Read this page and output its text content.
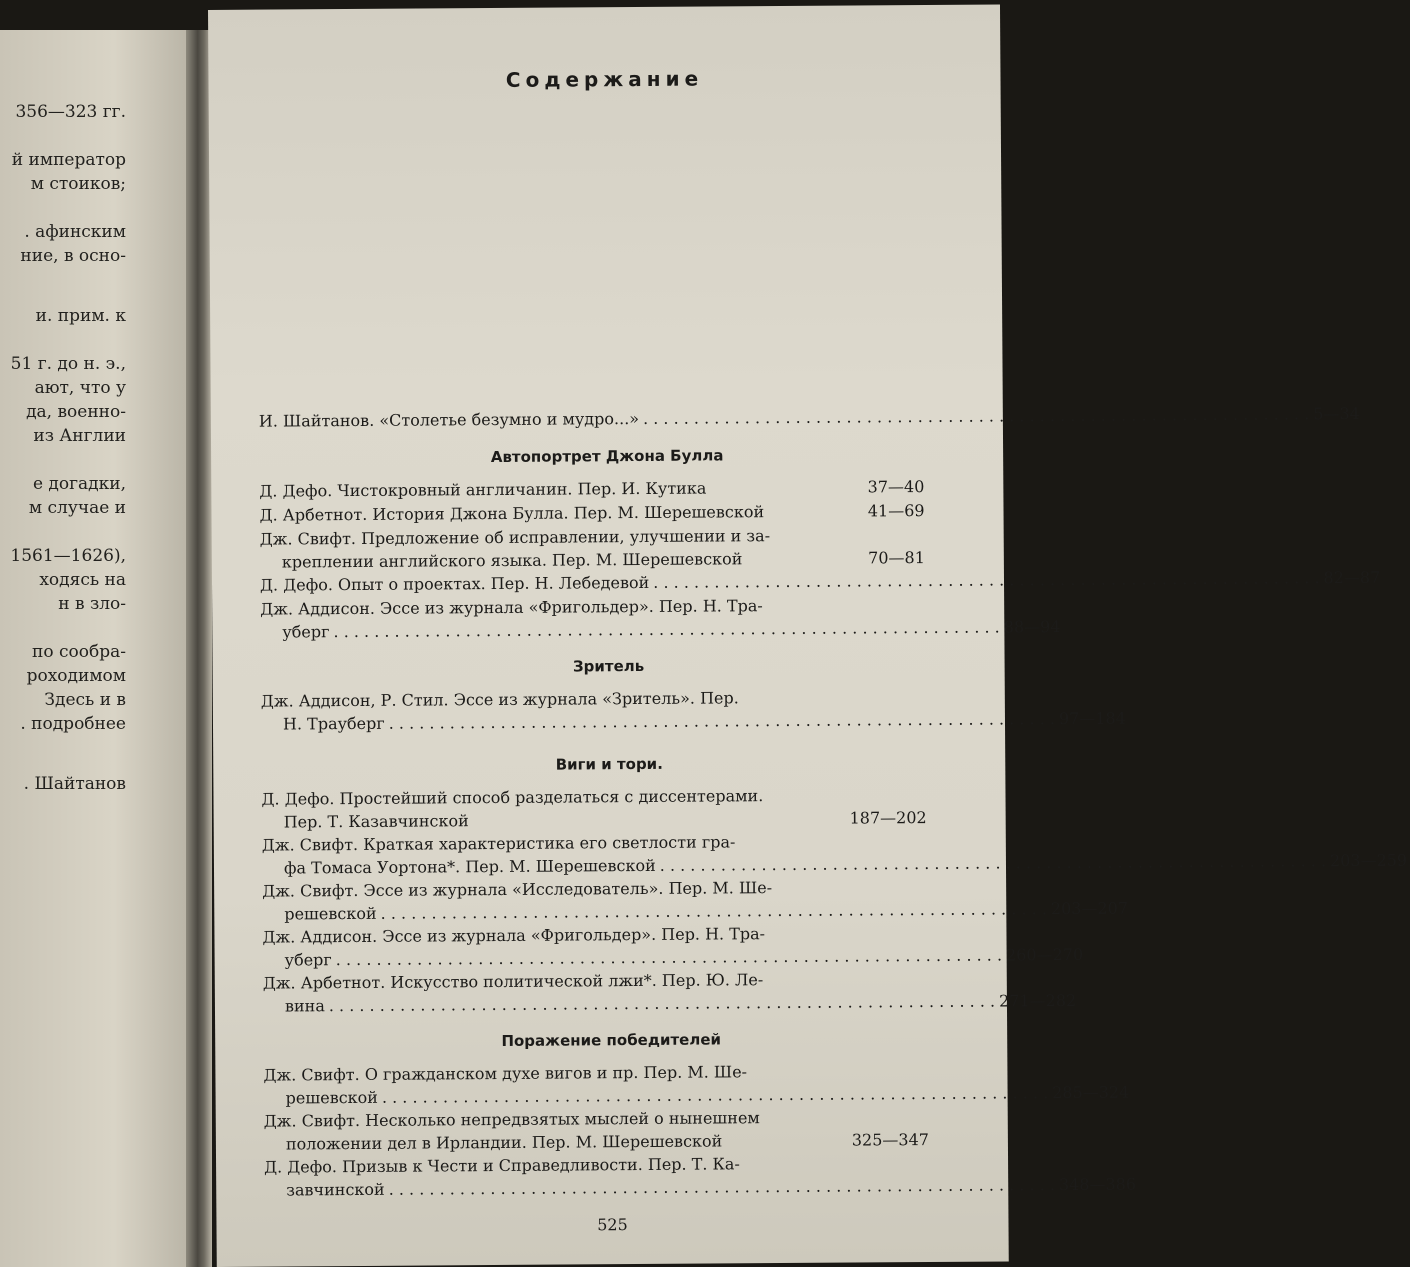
356—323 гг.
й император
м стоиков;
. афинским
ние, в осно-
и. прим. к
51 г. до н. э.,
ают, что у
да, военно-
из Англии
е догадки,
м случае и
1561—1626),
ходясь на
н в зло-
по сообра-
роходимом
Здесь и в
. подробнее
. Шайтанов
Содержание
И. Шайтанов. «Столетье безумно и мудро...» . . .	5—34
Автопортрет Джона Булла
Д. Дефо. Чистокровный англичанин. Пер. И. Кутика	37—40
Д. Арбетнот. История Джона Булла. Пер. М. Шерешевской	41—69
Дж. Свифт. Предложение об исправлении, улучшении и за-
креплении английского языка. Пер. М. Шерешевской	70—81
Д. Дефо. Опыт о проектах. Пер. Н. Лебедевой . . .	82—87
Дж. Аддисон. Эссе из журнала «Фригольдер». Пер. Н. Тра-
уберг . . .	88—94
Зритель
Дж. Аддисон, Р. Стил. Эссе из журнала «Зритель». Пер.
Н. Трауберг . . .	97—184
Виги и тори.
Д. Дефо. Простейший способ разделаться с диссентерами.
Пер. Т. Казавчинской	187—202
Дж. Свифт. Краткая характеристика его светлости гра-
фа Томаса Уортона*. Пер. М. Шерешевской . . .	203—259
Дж. Свифт. Эссе из журнала «Исследователь». Пер. М. Ше-
решевской . . .	203—207
Дж. Аддисон. Эссе из журнала «Фригольдер». Пер. Н. Тра-
уберг . . .	260—270
Дж. Арбетнот. Искусство политической лжи*. Пер. Ю. Ле-
вина . . .	271—282
Поражение победителей
Дж. Свифт. О гражданском духе вигов и пр. Пер. М. Ше-
решевской . . .	285—324
Дж. Свифт. Несколько непредвзятых мыслей о нынешнем
положении дел в Ирландии. Пер. М. Шерешевской	325—347
Д. Дефо. Призыв к Чести и Справедливости. Пер. Т. Ка-
завчинской . . .	348—386
525
